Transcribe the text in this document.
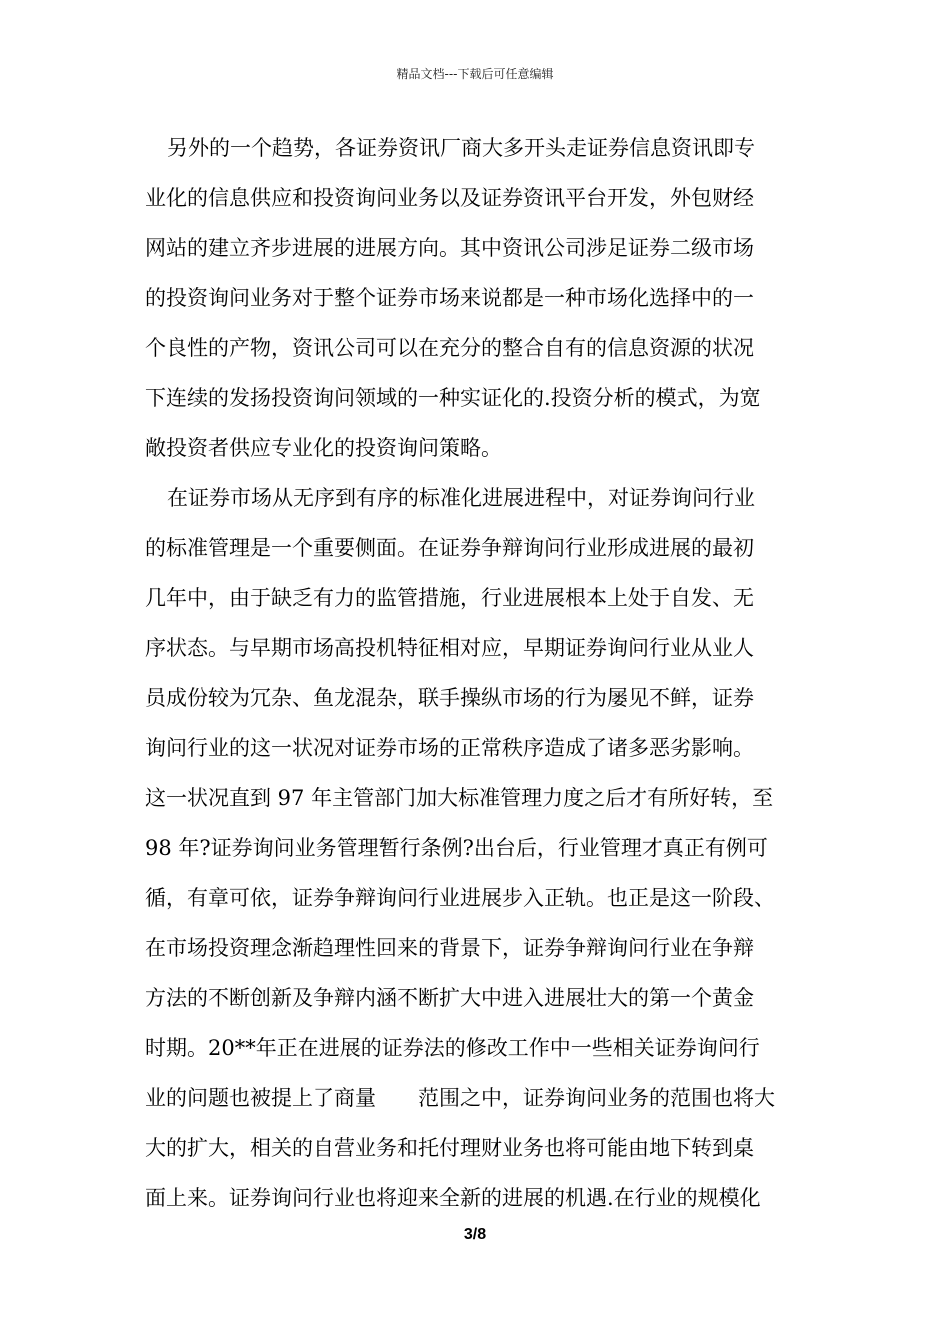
精品文档---下载后可任意编辑
另外的一个趋势，各证券资讯厂商大多开头走证券信息资讯即专
业化的信息供应和投资询问业务以及证券资讯平台开发，外包财经
网站的建立齐步进展的进展方向。其中资讯公司涉足证券二级市场
的投资询问业务对于整个证券市场来说都是一种市场化选择中的一
个良性的产物，资讯公司可以在充分的整合自有的信息资源的状况
下连续的发扬投资询问领域的一种实证化的.投资分析的模式，为宽
敞投资者供应专业化的投资询问策略。
在证券市场从无序到有序的标准化进展进程中，对证券询问行业
的标准管理是一个重要侧面。在证券争辩询问行业形成进展的最初
几年中，由于缺乏有力的监管措施，行业进展根本上处于自发、无
序状态。与早期市场高投机特征相对应，早期证券询问行业从业人
员成份较为冗杂、鱼龙混杂，联手操纵市场的行为屡见不鲜，证券
询问行业的这一状况对证券市场的正常秩序造成了诸多恶劣影响。
这一状况直到 97 年主管部门加大标准管理力度之后才有所好转，至
98 年?证券询问业务管理暂行条例?出台后，行业管理才真正有例可
循，有章可依，证券争辩询问行业进展步入正轨。也正是这一阶段、
在市场投资理念渐趋理性回来的背景下，证券争辩询问行业在争辩
方法的不断创新及争辩内涵不断扩大中进入进展壮大的第一个黄金
时期。20**年正在进展的证券法的修改工作中一些相关证券询问行
业的问题也被提上了商量　　范围之中，证券询问业务的范围也将大
大的扩大，相关的自营业务和托付理财业务也将可能由地下转到桌
面上来。证券询问行业也将迎来全新的进展的机遇.在行业的规模化
3/8
